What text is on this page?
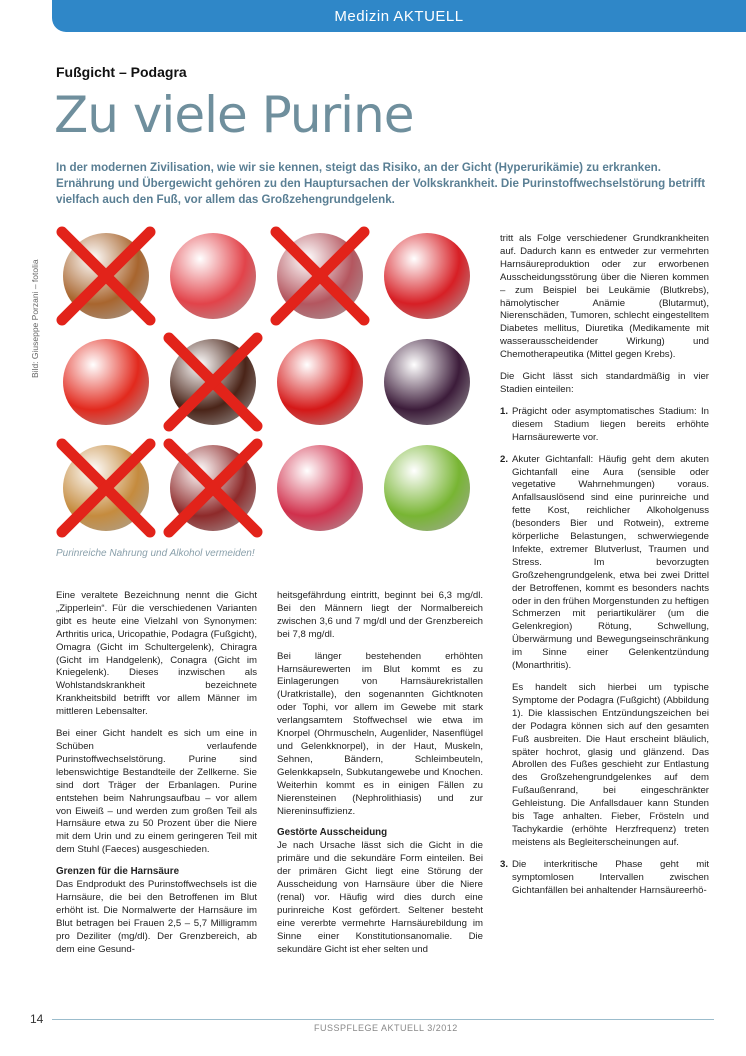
Medizin AKTUELL
Fußgicht – Podagra
Zu viele Purine
In der modernen Zivilisation, wie wir sie kennen, steigt das Risiko, an der Gicht (Hyperurikämie) zu erkranken. Ernährung und Übergewicht gehören zu den Hauptursachen der Volkskrankheit. Die Purinstoffwechselstörung betrifft vielfach auch den Fuß, vor allem das Großzehengrundgelenk.
Bild: Giuseppe Porzani – fotolia
Purinreiche Nahrung und Alkohol vermeiden!

Eine veraltete Bezeichnung nennt die Gicht „Zipperlein“. Für die verschiedenen Varianten gibt es heute eine Vielzahl von Synonymen: Arthritis urica, Uricopathie, Podagra (Fußgicht), Omagra (Gicht im Schultergelenk), Chiragra (Gicht im Handgelenk), Conagra (Gicht im Kniegelenk). Dieses inzwischen als Wohlstandskrankheit bezeichnete Krankheitsbild betrifft vor allem Männer im mittleren Lebensalter.

Bei einer Gicht handelt es sich um eine in Schüben verlaufende Purinstoffwechselstörung. Purine sind lebenswichtige Bestandteile der Zellkerne. Sie sind dort Träger der Erbanlagen. Purine entstehen beim Nahrungsaufbau – vor allem von Eiweiß – und werden zum großen Teil als Harnsäure etwa zu 50 Prozent über die Niere mit dem Urin und zu einem geringeren Teil mit dem Stuhl (Faeces) ausgeschieden.

Grenzen für die Harnsäure

Das Endprodukt des Purinstoffwechsels ist die Harnsäure, die bei den Betroffenen im Blut erhöht ist. Die Normalwerte der Harnsäure im Blut betragen bei Frauen 2,5 – 5,7 Milligramm pro Deziliter (mg/dl). Der Grenzbereich, ab dem eine Gesund-

heitsgefährdung eintritt, beginnt bei 6,3 mg/dl. Bei den Männern liegt der Normalbereich zwischen 3,6 und 7 mg/dl und der Grenzbereich bei 7,8 mg/dl.

Bei länger bestehenden erhöhten Harnsäurewerten im Blut kommt es zu Einlagerungen von Harnsäurekristallen (Uratkristalle), den sogenannten Gichtknoten oder Tophi, vor allem im Gewebe mit stark verlangsamtem Stoffwechsel wie etwa im Knorpel (Ohrmuscheln, Augenlider, Nasenflügel und Gelenkknorpel), in der Haut, Muskeln, Sehnen, Bändern, Schleimbeuteln, Gelenkkapseln, Subkutangewebe und Knochen. Weiterhin kommt es in einigen Fällen zu Nierensteinen (Nephrolithiasis) und zur Niereninsuffizienz.

Gestörte Ausscheidung

Je nach Ursache lässt sich die Gicht in die primäre und die sekundäre Form einteilen. Bei der primären Gicht liegt eine Störung der Ausscheidung von Harnsäure über die Niere (renal) vor. Häufig wird dies durch eine purinreiche Kost gefördert. Seltener besteht eine vererbte vermehrte Harnsäurebildung im Sinne einer Konstitutionsanomalie. Die sekundäre Gicht ist eher selten und

tritt als Folge verschiedener Grundkrankheiten auf. Dadurch kann es entweder zur vermehrten Harnsäureproduktion oder zur erworbenen Ausscheidungsstörung über die Nieren kommen – zum Beispiel bei Leukämie (Blutkrebs), hämolytischer Anämie (Blutarmut), Nierenschäden, Tumoren, schlecht eingestelltem Diabetes mellitus, Diuretika (Medikamente mit wasserausscheidender Wirkung) und Chemotherapeutika (Mittel gegen Krebs).

Die Gicht lässt sich standardmäßig in vier Stadien einteilen:

1. Prägicht oder asymptomatisches Stadium: In diesem Stadium liegen bereits erhöhte Harnsäurewerte vor.
2. Akuter Gichtanfall: Häufig geht dem akuten Gichtanfall eine Aura (sensible oder vegetative Wahrnehmungen) voraus. Anfallsauslösend sind eine purinreiche und fette Kost, reichlicher Alkoholgenuss (besonders Bier und Rotwein), extreme körperliche Belastungen, schwerwiegende Infekte, extremer Blutverlust, Traumen und Stress. Im bevorzugten Großzehengrundgelenk, etwa bei zwei Drittel der Betroffenen, kommt es besonders nachts oder in den frühen Morgenstunden zu heftigen Schmerzen mit periartikulärer (um die Gelenkregion) Rötung, Schwellung, Überwärmung und Bewegungseinschränkung im Sinne einer Gelenkentzündung (Monarthritis).

Es handelt sich hierbei um typische Symptome der Podagra (Fußgicht) (Abbildung 1). Die klassischen Entzündungszeichen bei der Podagra können sich auf den gesamten Fuß ausbreiten. Die Haut erscheint bläulich, später hochrot, glasig und glänzend. Das Abrollen des Fußes geschieht zur Entlastung des Großzehengrundgelenkes auf dem Fußaußenrand, bei eingeschränkter Gehleistung. Die Anfallsdauer kann Stunden bis Tage anhalten. Fieber, Frösteln und Tachykardie (erhöhte Herzfrequenz) treten meistens als Begleiterscheinungen auf.

3. Die interkritische Phase geht mit symptomlosen Intervallen zwischen Gichtanfällen bei anhaltender Harnsäureerhö-
14
FUSSPFLEGE AKTUELL 3/2012
